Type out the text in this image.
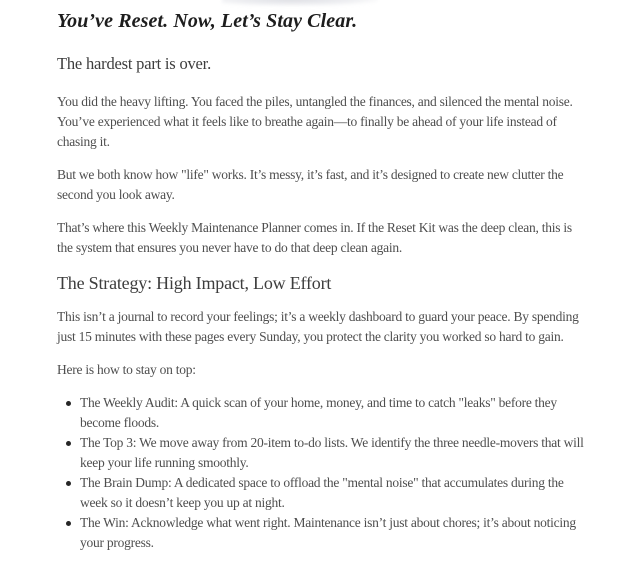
You’ve Reset. Now, Let’s Stay Clear.
The hardest part is over.

You did the heavy lifting. You faced the piles, untangled the finances, and silenced the mental noise. You’ve experienced what it feels like to breathe again—to finally be ahead of your life instead of chasing it.

But we both know how "life" works. It’s messy, it’s fast, and it’s designed to create new clutter the second you look away.

That’s where this Weekly Maintenance Planner comes in. If the Reset Kit was the deep clean, this is the system that ensures you never have to do that deep clean again.

The Strategy: High Impact, Low Effort

This isn’t a journal to record your feelings; it’s a weekly dashboard to guard your peace. By spending just 15 minutes with these pages every Sunday, you protect the clarity you worked so hard to gain.

Here is how to stay on top:

The Weekly Audit: A quick scan of your home, money, and time to catch "leaks" before they become floods.
The Top 3: We move away from 20-item to-do lists. We identify the three needle-movers that will keep your life running smoothly.
The Brain Dump: A dedicated space to offload the "mental noise" that accumulates during the week so it doesn’t keep you up at night.
The Win: Acknowledge what went right. Maintenance isn’t just about chores; it’s about noticing your progress.
